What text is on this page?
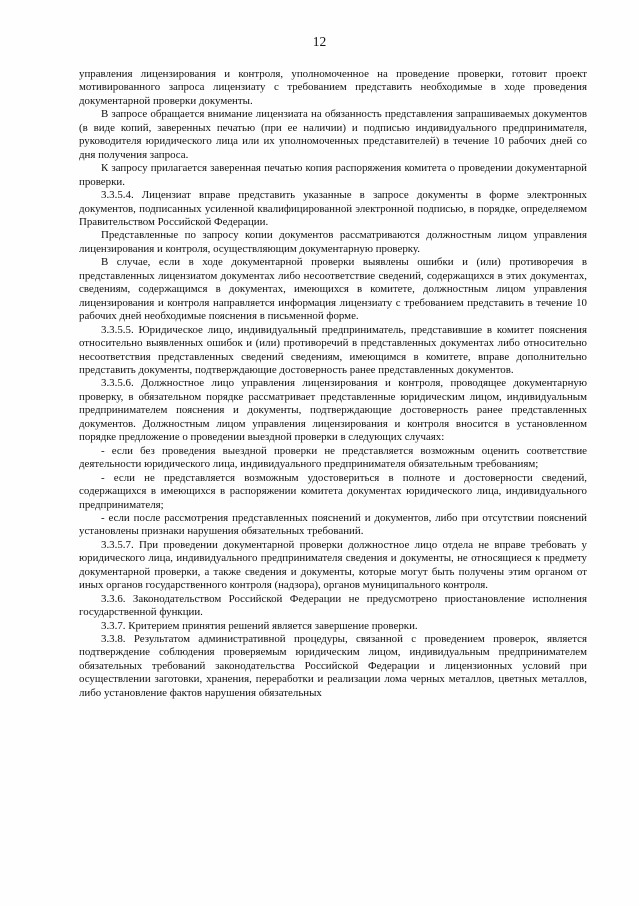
12

управления лицензирования и контроля, уполномоченное на проведение проверки, готовит проект мотивированного запроса лицензиату с требованием представить необходимые в ходе проведения документарной проверки документы.

В запросе обращается внимание лицензиата на обязанность представления запрашиваемых документов (в виде копий, заверенных печатью (при ее наличии) и подписью индивидуального предпринимателя, руководителя юридического лица или их уполномоченных представителей) в течение 10 рабочих дней со дня получения запроса.

К запросу прилагается заверенная печатью копия распоряжения комитета о проведении документарной проверки.

3.3.5.4. Лицензиат вправе представить указанные в запросе документы в форме электронных документов, подписанных усиленной квалифицированной электронной подписью, в порядке, определяемом Правительством Российской Федерации.

Представленные по запросу копии документов рассматриваются должностным лицом управления лицензирования и контроля, осуществляющим документарную проверку.

В случае, если в ходе документарной проверки выявлены ошибки и (или) противоречия в представленных лицензиатом документах либо несоответствие сведений, содержащихся в этих документах, сведениям, содержащимся в документах, имеющихся в комитете, должностным лицом управления лицензирования и контроля направляется информация лицензиату с требованием представить в течение 10 рабочих дней необходимые пояснения в письменной форме.

3.3.5.5. Юридическое лицо, индивидуальный предприниматель, представившие в комитет пояснения относительно выявленных ошибок и (или) противоречий в представленных документах либо относительно несоответствия представленных сведений сведениям, имеющимся в комитете, вправе дополнительно представить документы, подтверждающие достоверность ранее представленных документов.

3.3.5.6. Должностное лицо управления лицензирования и контроля, проводящее документарную проверку, в обязательном порядке рассматривает представленные юридическим лицом, индивидуальным предпринимателем пояснения и документы, подтверждающие достоверность ранее представленных документов. Должностным лицом управления лицензирования и контроля вносится в установленном порядке предложение о проведении выездной проверки в следующих случаях:

- если без проведения выездной проверки не представляется возможным оценить соответствие деятельности юридического лица, индивидуального предпринимателя обязательным требованиям;

- если не представляется возможным удостовериться в полноте и достоверности сведений, содержащихся в имеющихся в распоряжении комитета документах юридического лица, индивидуального предпринимателя;

- если после рассмотрения представленных пояснений и документов, либо при отсутствии пояснений установлены признаки нарушения обязательных требований.

3.3.5.7. При проведении документарной проверки должностное лицо отдела не вправе требовать у юридического лица, индивидуального предпринимателя сведения и документы, не относящиеся к предмету документарной проверки, а также сведения и документы, которые могут быть получены этим органом от иных органов государственного контроля (надзора), органов муниципального контроля.

3.3.6. Законодательством Российской Федерации не предусмотрено приостановление исполнения государственной функции.

3.3.7. Критерием принятия решений является завершение проверки.

3.3.8. Результатом административной процедуры, связанной с проведением проверок, является подтверждение соблюдения проверяемым юридическим лицом, индивидуальным предпринимателем обязательных требований законодательства Российской Федерации и лицензионных условий при осуществлении заготовки, хранения, переработки и реализации лома черных металлов, цветных металлов, либо установление фактов нарушения обязательных
